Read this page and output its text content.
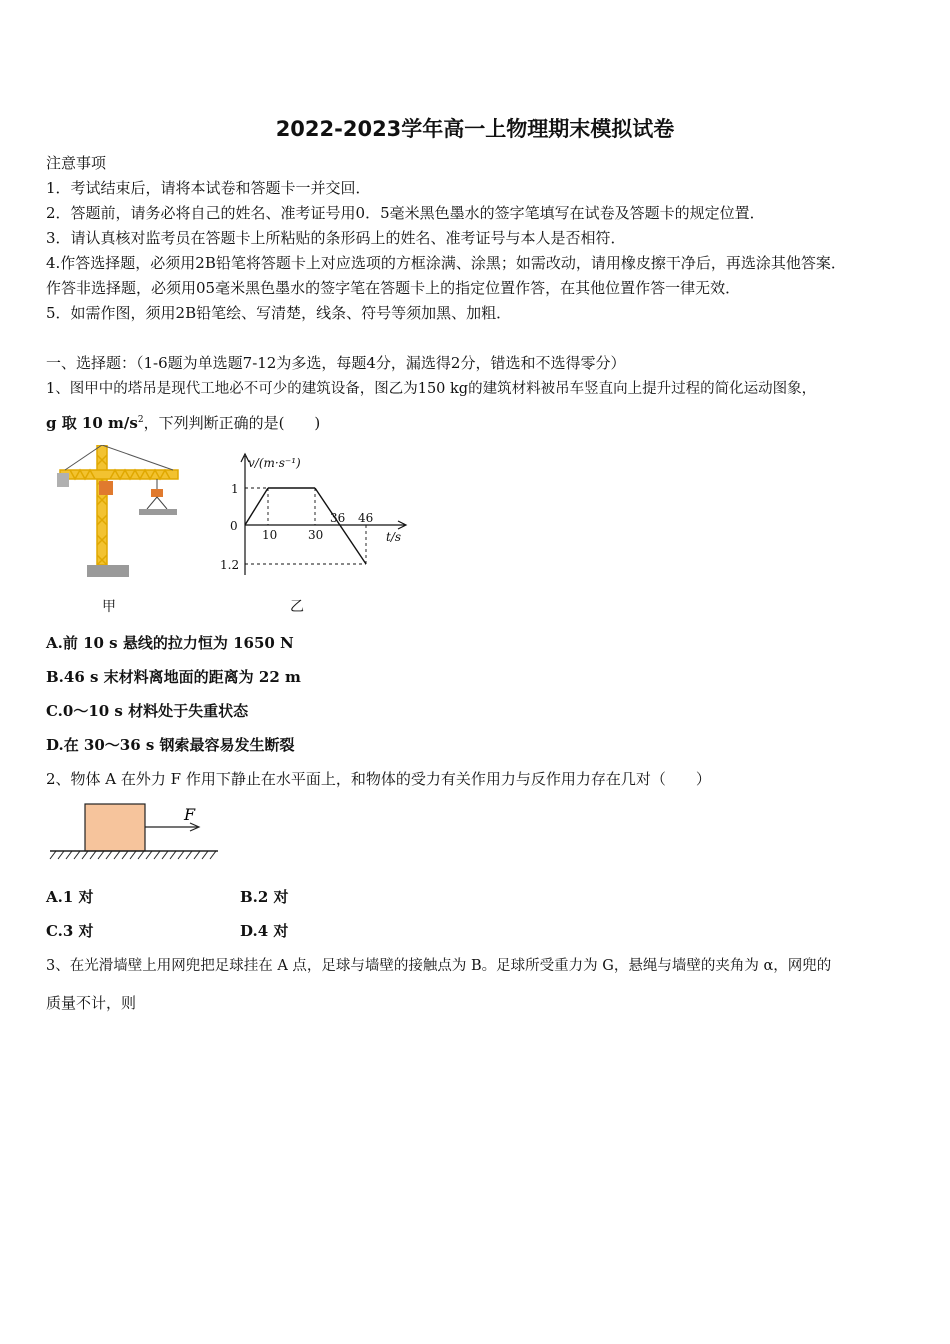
2022-2023学年高一上物理期末模拟试卷
注意事项
1．考试结束后，请将本试卷和答题卡一并交回．
2．答题前，请务必将自己的姓名、准考证号用0．5毫米黑色墨水的签字笔填写在试卷及答题卡的规定位置．
3．请认真核对监考员在答题卡上所粘贴的条形码上的姓名、准考证号与本人是否相符．
4.作答选择题，必须用2B铅笔将答题卡上对应选项的方框涂满、涂黑；如需改动，请用橡皮擦干净后，再选涂其他答案．
作答非选择题，必须用05毫米黑色墨水的签字笔在答题卡上的指定位置作答，在其他位置作答一律无效．
5．如需作图，须用2B铅笔绘、写清楚，线条、符号等须加黑、加粗．
一、选择题：（1-6题为单选题7-12为多选，每题4分，漏选得2分，错选和不选得零分）
1、图甲中的塔吊是现代工地必不可少的建筑设备，图乙为150 kg的建筑材料被吊车竖直向上提升过程的简化运动图象，
g 取 10 $m/s^2$，下列判断正确的是(　　)
甲
v/(m·s⁻¹)
t/s
0
1
1.2
10	30
36 46
乙
A.前 10 s 悬线的拉力恒为 1650 N
B.46 s 末材料离地面的距离为 22 m
C.0～10 s 材料处于失重状态
D.在 30～36 s 钢索最容易发生断裂
2、物体 A 在外力 F 作用下静止在水平面上，和物体的受力有关作用力与反作用力存在几对（　　）
F
A.1 对	B.2 对
C.3 对	D.4 对
3、在光滑墙壁上用网兜把足球挂在 A 点，足球与墙壁的接触点为 B。足球所受重力为 G，悬绳与墙壁的夹角为 α，网兜的
质量不计，则
